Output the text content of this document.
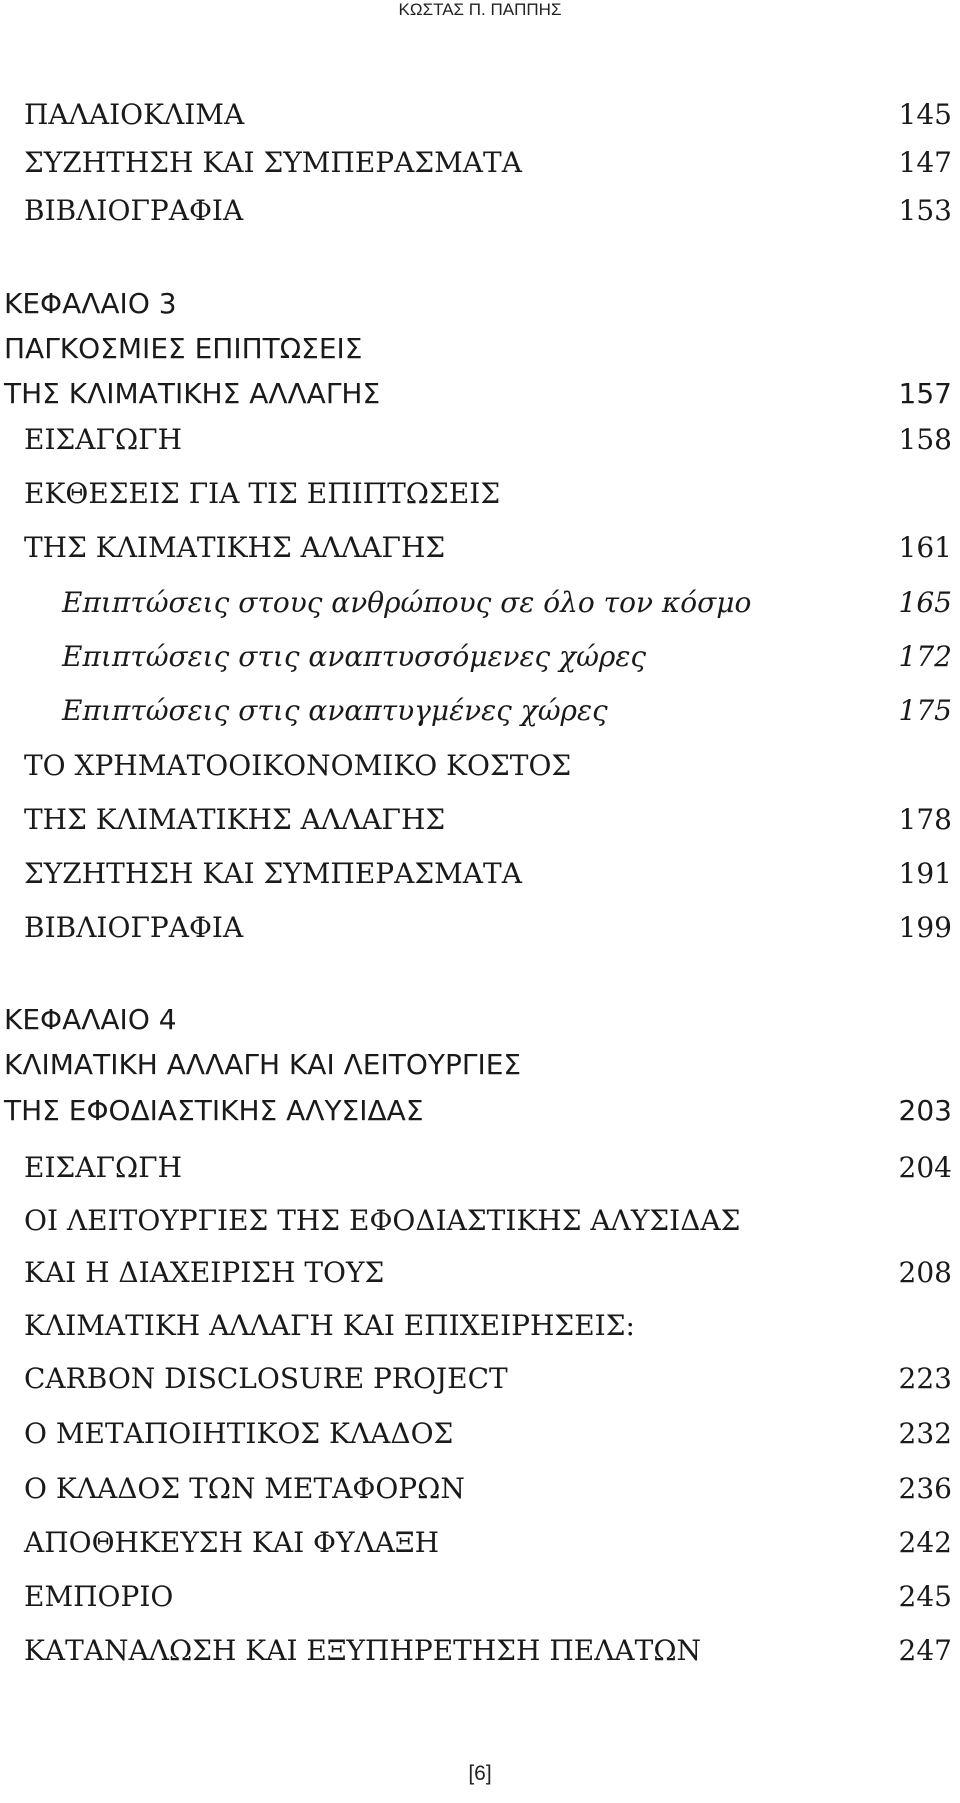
ΚΩΣΤΑΣ Π. ΠΑΠΠΗΣ
ΠΑΛΑΙΟΚΛΙΜΑ	145
ΣΥΖΗΤΗΣΗ ΚΑΙ ΣΥΜΠΕΡΑΣΜΑΤΑ	147
ΒΙΒΛΙΟΓΡΑΦΙΑ	153
ΚΕΦΑΛΑΙΟ 3
ΠΑΓΚΟΣΜΙΕΣ ΕΠΙΠΤΩΣΕΙΣ
ΤΗΣ ΚΛΙΜΑΤΙΚΗΣ ΑΛΛΑΓΗΣ	157
ΕΙΣΑΓΩΓΗ	158
ΕΚΘΕΣΕΙΣ ΓΙΑ ΤΙΣ ΕΠΙΠΤΩΣΕΙΣ
ΤΗΣ ΚΛΙΜΑΤΙΚΗΣ ΑΛΛΑΓΗΣ	161
Επιπτώσεις στους ανθρώπους σε όλο τον κόσμο	165
Επιπτώσεις στις αναπτυσσόμενες χώρες	172
Επιπτώσεις στις αναπτυγμένες χώρες	175
ΤΟ ΧΡΗΜΑΤΟΟΙΚΟΝΟΜΙΚΟ ΚΟΣΤΟΣ
ΤΗΣ ΚΛΙΜΑΤΙΚΗΣ ΑΛΛΑΓΗΣ	178
ΣΥΖΗΤΗΣΗ ΚΑΙ ΣΥΜΠΕΡΑΣΜΑΤΑ	191
ΒΙΒΛΙΟΓΡΑΦΙΑ	199
ΚΕΦΑΛΑΙΟ 4
ΚΛΙΜΑΤΙΚΗ ΑΛΛΑΓΗ ΚΑΙ ΛΕΙΤΟΥΡΓΙΕΣ
ΤΗΣ ΕΦΟΔΙΑΣΤΙΚΗΣ ΑΛΥΣΙΔΑΣ	203
ΕΙΣΑΓΩΓΗ	204
ΟΙ ΛΕΙΤΟΥΡΓΙΕΣ ΤΗΣ ΕΦΟΔΙΑΣΤΙΚΗΣ ΑΛΥΣΙΔΑΣ
ΚΑΙ Η ΔΙΑΧΕΙΡΙΣΗ ΤΟΥΣ	208
ΚΛΙΜΑΤΙΚΗ ΑΛΛΑΓΗ ΚΑΙ ΕΠΙΧΕΙΡΗΣΕΙΣ:
CARBON DISCLOSURE PROJECT	223
Ο ΜΕΤΑΠΟΙΗΤΙΚΟΣ ΚΛΑΔΟΣ	232
Ο ΚΛΑΔΟΣ ΤΩΝ ΜΕΤΑΦΟΡΩΝ	236
ΑΠΟΘΗΚΕΥΣΗ ΚΑΙ ΦΥΛΑΞΗ	242
ΕΜΠΟΡΙΟ	245
ΚΑΤΑΝΑΛΩΣΗ ΚΑΙ ΕΞΥΠΗΡΕΤΗΣΗ ΠΕΛΑΤΩΝ	247
[6]
